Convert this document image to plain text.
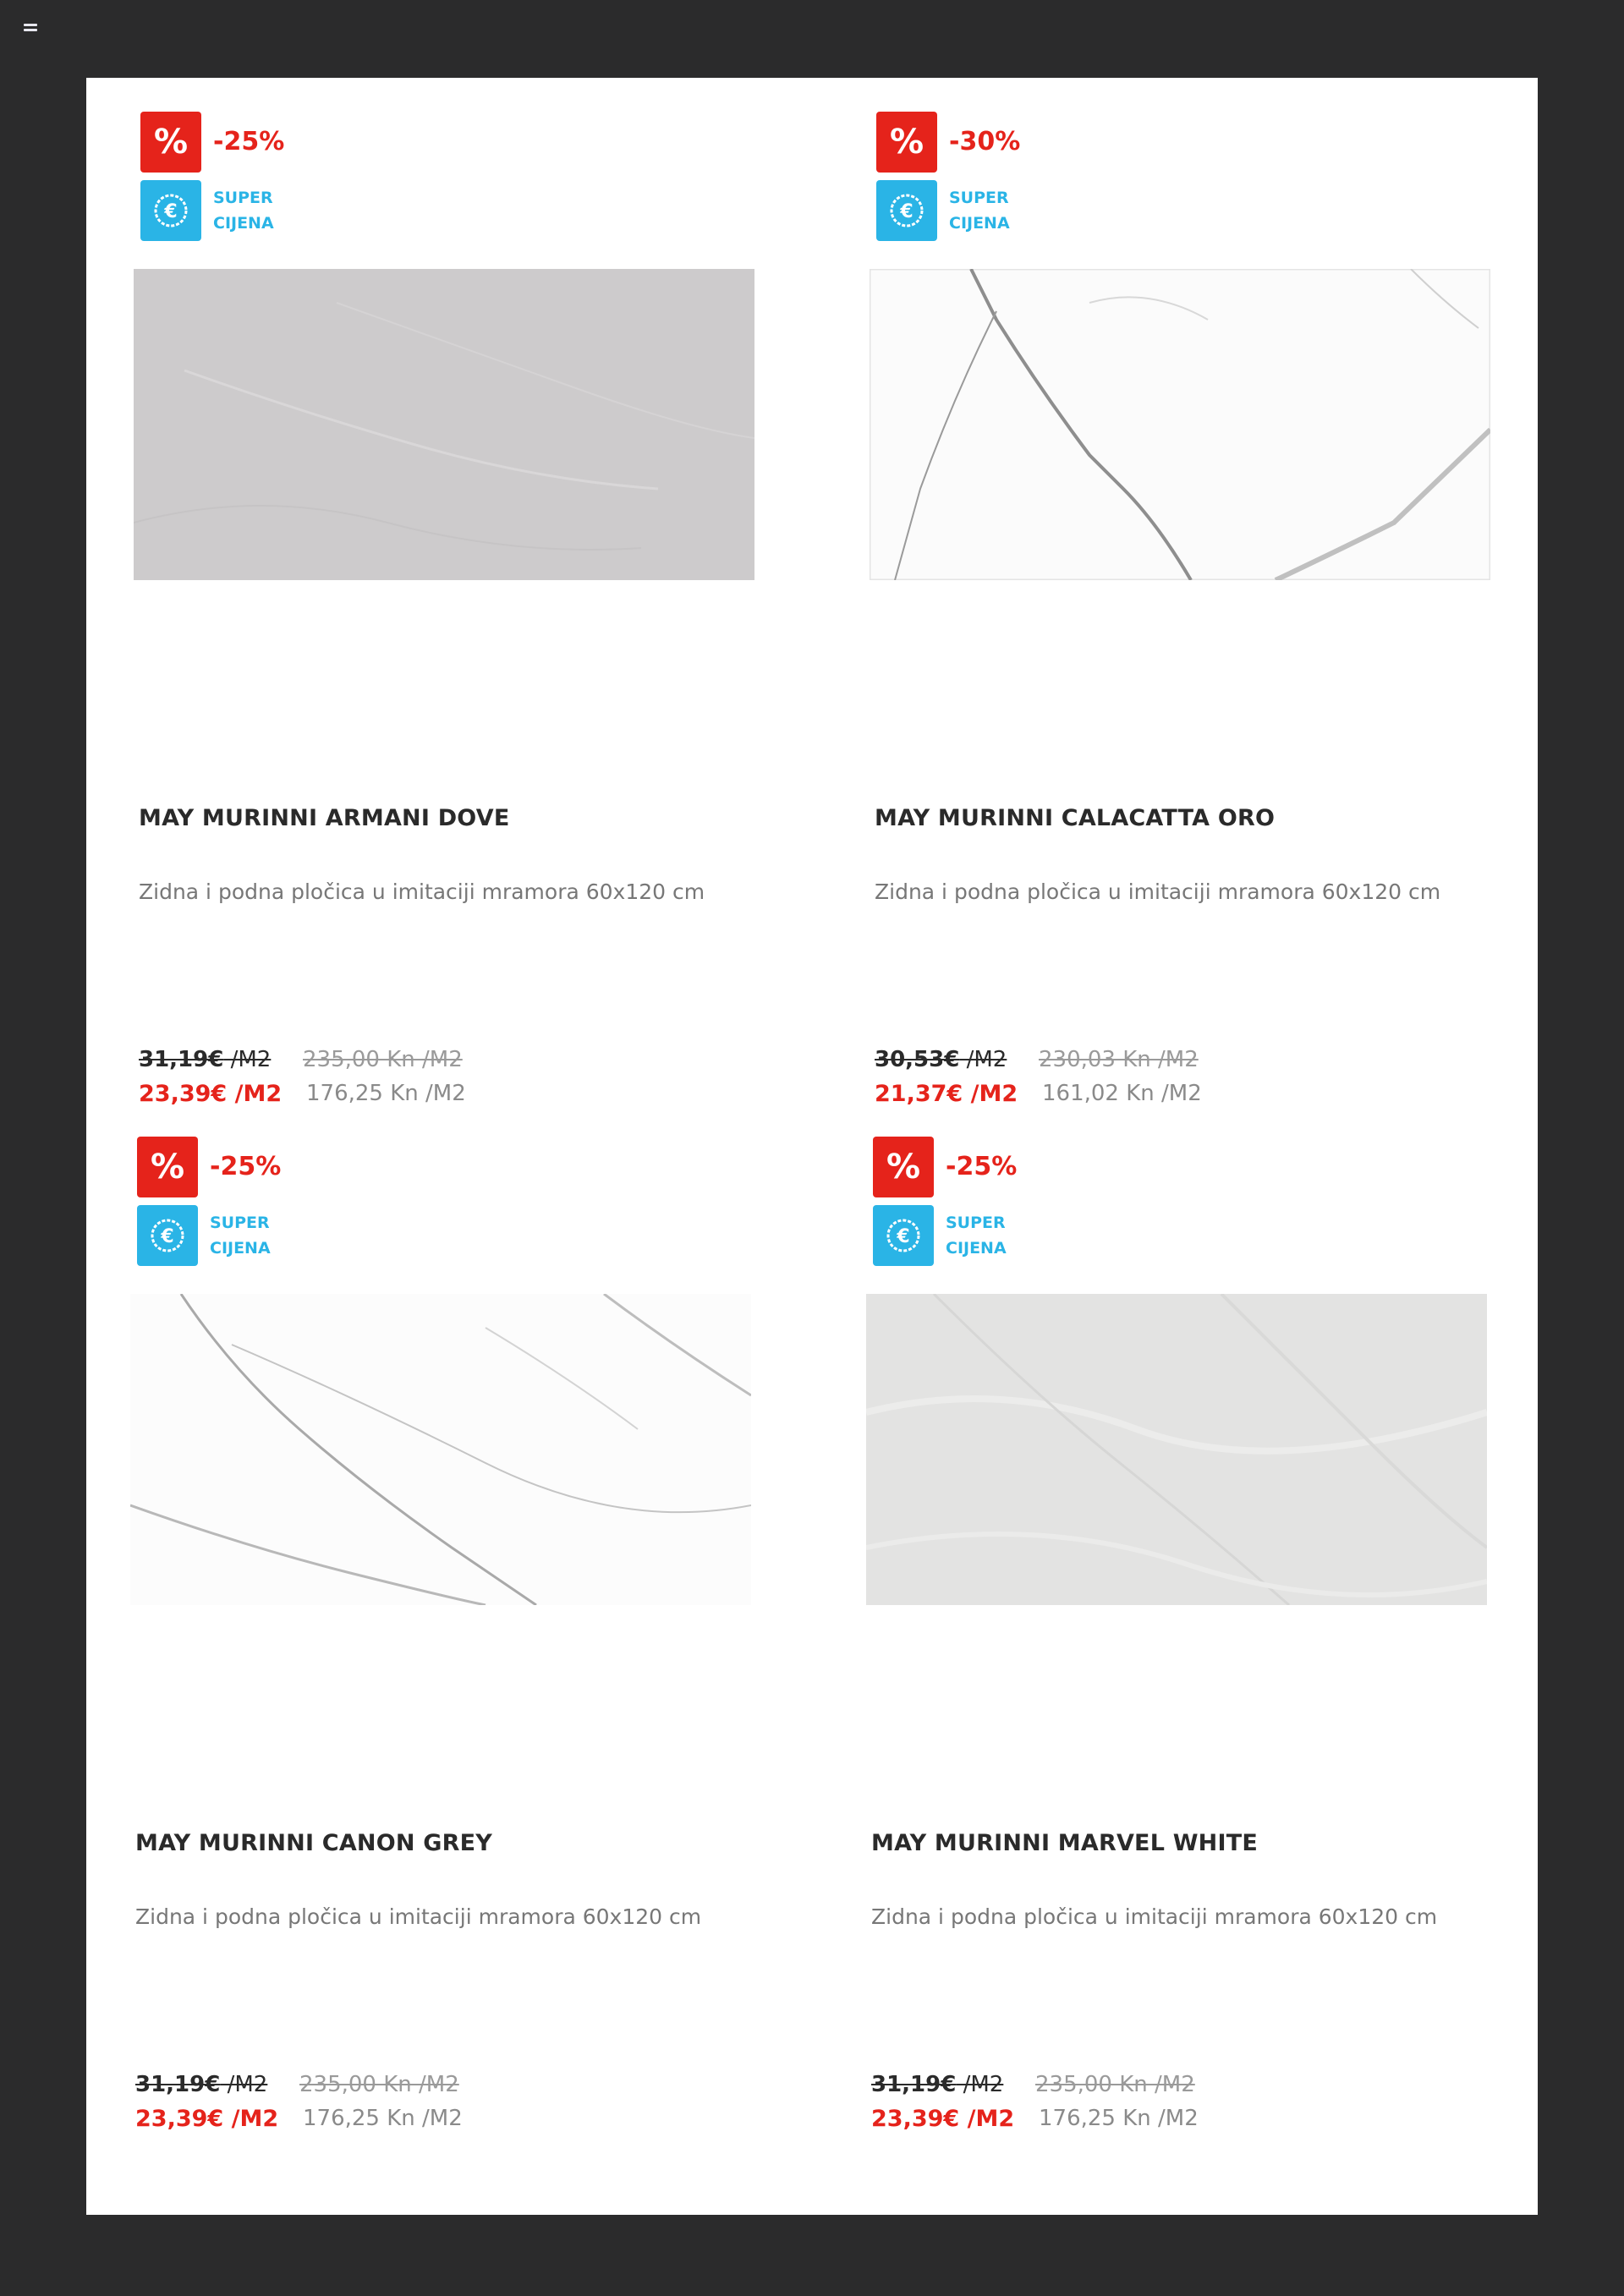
% -25%
€
SUPER
CIJENA
MAY MURINNI ARMANI DOVE
Zidna i podna pločica u imitaciji mramora 60x120 cm
31,19€ /M2 235,00 Kn /M2
23,39€ /M2 176,25 Kn /M2
% -30%
€
SUPER
CIJENA
MAY MURINNI CALACATTA ORO
Zidna i podna pločica u imitaciji mramora 60x120 cm
30,53€ /M2 230,03 Kn /M2
21,37€ /M2 161,02 Kn /M2
% -25%
€
SUPER
CIJENA
MAY MURINNI CANON GREY
Zidna i podna pločica u imitaciji mramora 60x120 cm
31,19€ /M2 235,00 Kn /M2
23,39€ /M2 176,25 Kn /M2
% -25%
€
SUPER
CIJENA
MAY MURINNI MARVEL WHITE
Zidna i podna pločica u imitaciji mramora 60x120 cm
31,19€ /M2 235,00 Kn /M2
23,39€ /M2 176,25 Kn /M2
